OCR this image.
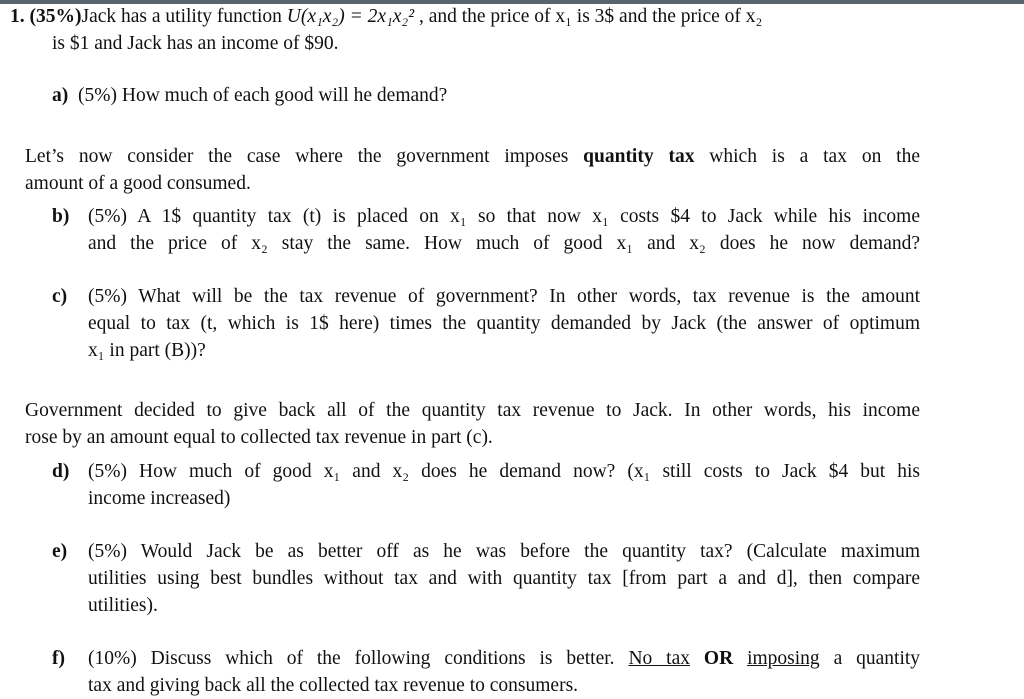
1. (35%)Jack has a utility function U(x₁x₂) = 2x₁x₂² , and the price of x₁ is 3$ and the price of x₂
is $1 and Jack has an income of $90.
a) (5%) How much of each good will he demand?
Let’s now consider the case where the government imposes quantity tax which is a tax on the
amount of a good consumed.
b) (5%) A 1$ quantity tax (t) is placed on x₁ so that now x₁ costs $4 to Jack while his income
and the price of x₂ stay the same. How much of good x₁ and x₂ does he now demand?
c) (5%) What will be the tax revenue of government? In other words, tax revenue is the amount
equal to tax (t, which is 1$ here) times the quantity demanded by Jack (the answer of optimum
x₁ in part (B))?
Government decided to give back all of the quantity tax revenue to Jack. In other words, his income
rose by an amount equal to collected tax revenue in part (c).
d) (5%) How much of good x₁ and x₂ does he demand now? (x₁ still costs to Jack $4 but his
income increased)
e) (5%) Would Jack be as better off as he was before the quantity tax? (Calculate maximum
utilities using best bundles without tax and with quantity tax [from part a and d], then compare
utilities).
f) (10%) Discuss which of the following conditions is better. No tax OR imposing a quantity
tax and giving back all the collected tax revenue to consumers.
